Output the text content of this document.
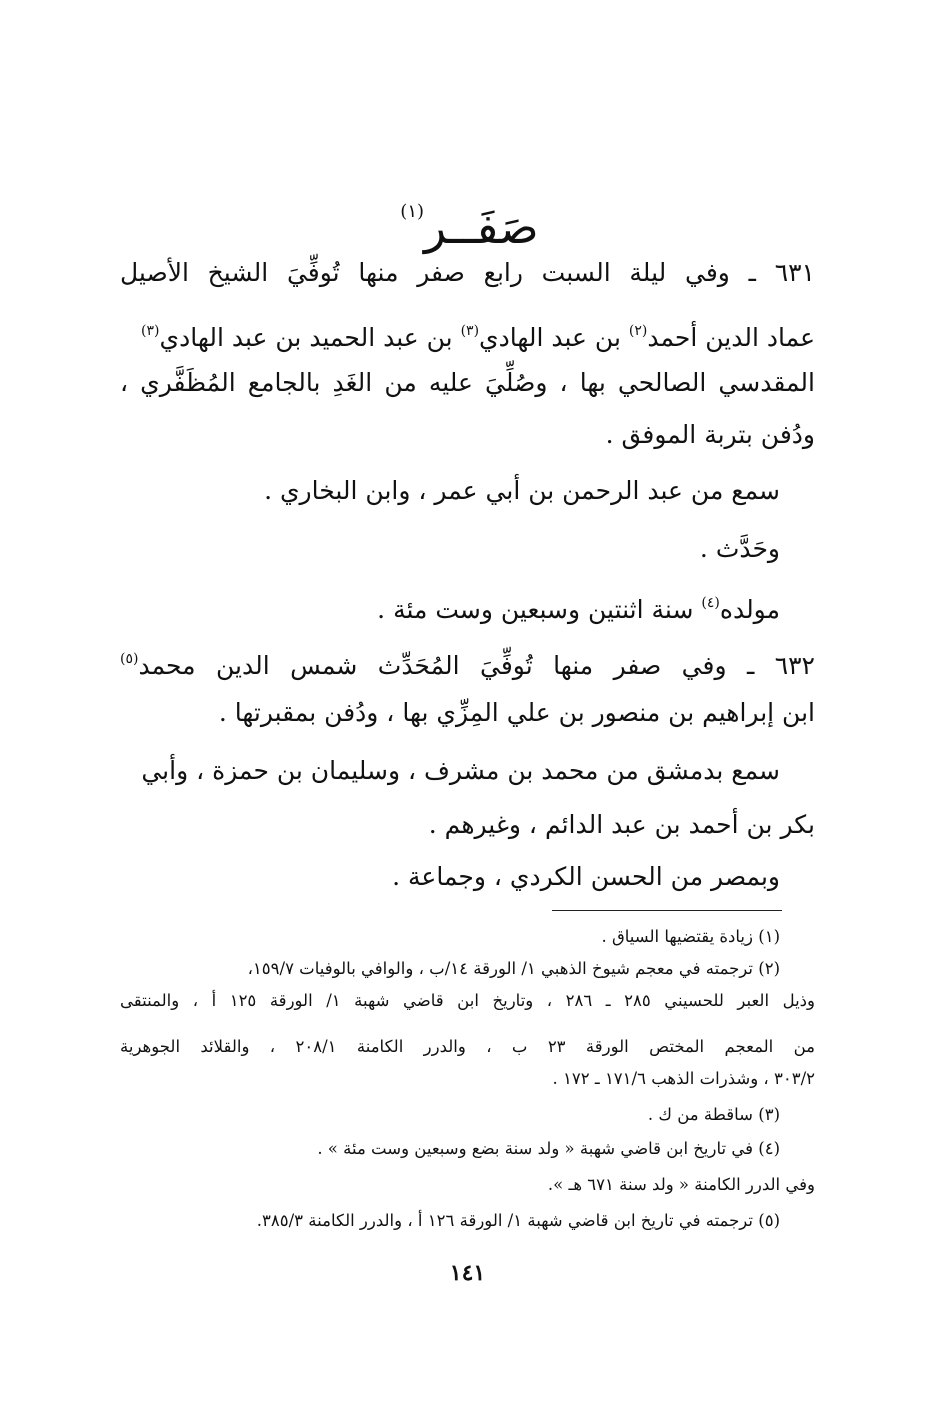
صَفَــر$^{(١)}$
٦٣١ ـ وفي ليلة السبت رابع صفر منها تُوفِّيَ الشيخ الأصيل
عماد الدين أحمد$^{(٢)}$ بن عبد الهادي$^{(٣)}$ بن عبد الحميد بن عبد الهادي$^{(٣)}$
المقدسي الصالحي بها ، وصُلِّيَ عليه من الغَدِ بالجامع المُظَفَّري ،
ودُفن بتربة الموفق .
سمع من عبد الرحمن بن أبي عمر ، وابن البخاري .
وحَدَّث .
مولده$^{(٤)}$ سنة اثنتين وسبعين وست مئة .
٦٣٢ ـ وفي صفر منها تُوفِّيَ المُحَدِّث شمس الدين محمد$^{(٥)}$
ابن إبراهيم بن منصور بن علي المِزِّي بها ، ودُفن بمقبرتها .
سمع بدمشق من محمد بن مشرف ، وسليمان بن حمزة ، وأبي
بكر بن أحمد بن عبد الدائم ، وغيرهم .
وبمصر من الحسن الكردي ، وجماعة .
(١) زيادة يقتضيها السياق .
(٢) ترجمته في معجم شيوخ الذهبي ١/ الورقة ١٤/ب ، والوافي بالوفيات ١٥٩/٧،
وذيل العبر للحسيني ٢٨٥ ـ ٢٨٦ ، وتاريخ ابن قاضي شهبة ١/ الورقة ١٢٥ أ ، والمنتقى
من المعجم المختص الورقة ٢٣ ب ، والدرر الكامنة ٢٠٨/١ ، والقلائد الجوهرية
٣٠٣/٢ ، وشذرات الذهب ١٧١/٦ ـ ١٧٢ .
(٣) ساقطة من ك .
(٤) في تاريخ ابن قاضي شهبة « ولد سنة بضع وسبعين وست مئة » .
وفي الدرر الكامنة « ولد سنة ٦٧١ هـ ».
(٥) ترجمته في تاريخ ابن قاضي شهبة ١/ الورقة ١٢٦ أ ، والدرر الكامنة ٣٨٥/٣.
١٤١
